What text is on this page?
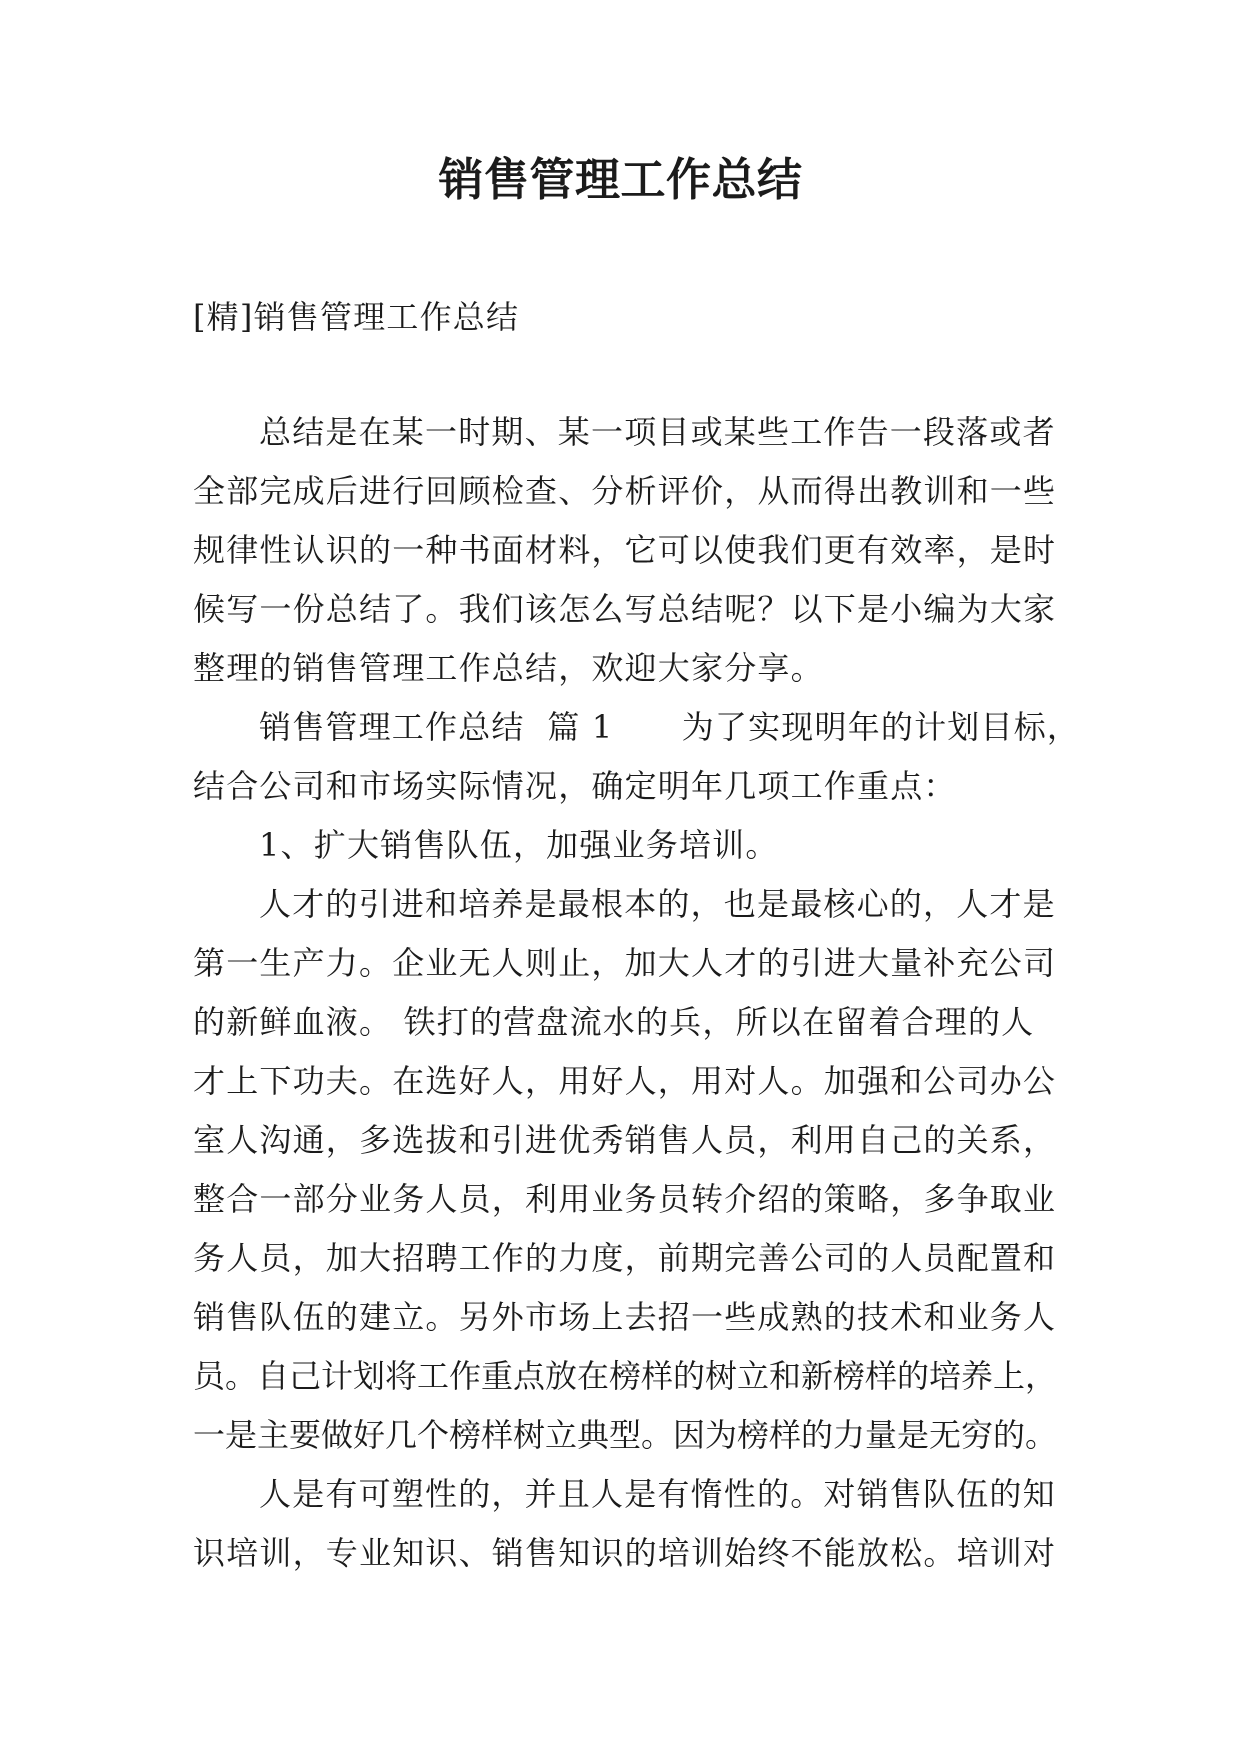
销售管理工作总结
[精]销售管理工作总结
总结是在某一时期、某一项目或某些工作告一段落或者
全部完成后进行回顾检查、分析评价，从而得出教训和一些
规律性认识的一种书面材料，它可以使我们更有效率，是时
候写一份总结了。我们该怎么写总结呢？以下是小编为大家
整理的销售管理工作总结，欢迎大家分享。
销售管理工作总结  篇 1      为了实现明年的计划目标，
结合公司和市场实际情况，确定明年几项工作重点：
1、扩大销售队伍，加强业务培训。
人才的引进和培养是最根本的，也是最核心的，人才是
第一生产力。企业无人则止，加大人才的引进大量补充公司
的新鲜血液。 铁打的营盘流水的兵，所以在留着合理的人
才上下功夫。在选好人，用好人，用对人。加强和公司办公
室人沟通，多选拔和引进优秀销售人员，利用自己的关系，
整合一部分业务人员，利用业务员转介绍的策略，多争取业
务人员，加大招聘工作的力度，前期完善公司的人员配置和
销售队伍的建立。另外市场上去招一些成熟的技术和业务人
员。自己计划将工作重点放在榜样的树立和新榜样的培养上，
一是主要做好几个榜样树立典型。因为榜样的力量是无穷的。
人是有可塑性的，并且人是有惰性的。对销售队伍的知
识培训，专业知识、销售知识的培训始终不能放松。培训对
